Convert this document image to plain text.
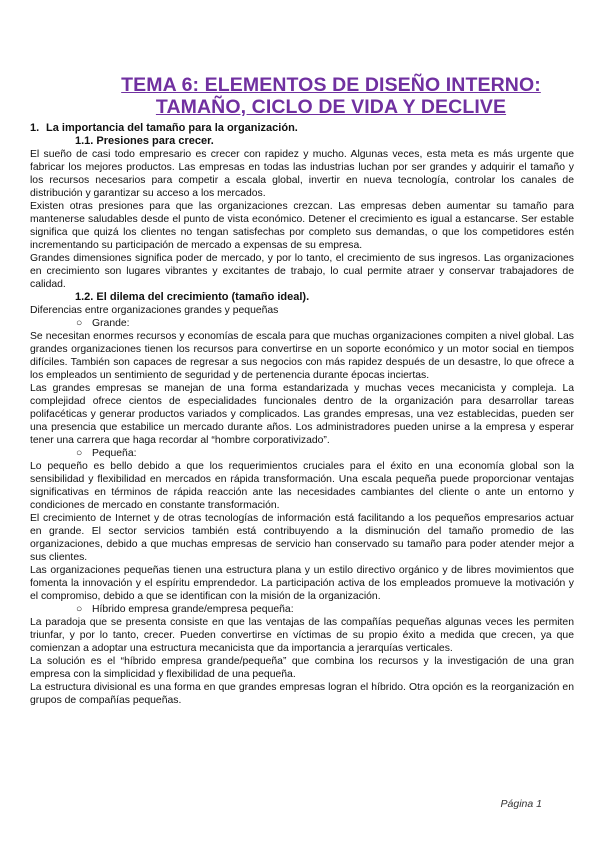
TEMA 6: ELEMENTOS DE DISEÑO INTERNO:
TAMAÑO, CICLO DE VIDA Y DECLIVE
1. La importancia del tamaño para la organización.
1.1. Presiones para crecer.

El sueño de casi todo empresario es crecer con rapidez y mucho. Algunas veces, esta meta es más urgente que fabricar los mejores productos. Las empresas en todas las industrias luchan por ser grandes y adquirir el tamaño y los recursos necesarios para competir a escala global, invertir en nueva tecnología, controlar los canales de distribución y garantizar su acceso a los mercados.

Existen otras presiones para que las organizaciones crezcan. Las empresas deben aumentar su tamaño para mantenerse saludables desde el punto de vista económico. Detener el crecimiento es igual a estancarse. Ser estable significa que quizá los clientes no tengan satisfechas por completo sus demandas, o que los competidores estén incrementando su participación de mercado a expensas de su empresa.

Grandes dimensiones significa poder de mercado, y por lo tanto, el crecimiento de sus ingresos. Las organizaciones en crecimiento son lugares vibrantes y excitantes de trabajo, lo cual permite atraer y conservar trabajadores de calidad.

1.2. El dilema del crecimiento (tamaño ideal).

Diferencias entre organizaciones grandes y pequeñas

○ Grande:

Se necesitan enormes recursos y economías de escala para que muchas organizaciones compiten a nivel global. Las grandes organizaciones tienen los recursos para convertirse en un soporte económico y un motor social en tiempos difíciles. También son capaces de regresar a sus negocios con más rapidez después de un desastre, lo que ofrece a los empleados un sentimiento de seguridad y de pertenencia durante épocas inciertas.

Las grandes empresas se manejan de una forma estandarizada y muchas veces mecanicista y compleja. La complejidad ofrece cientos de especialidades funcionales dentro de la organización para desarrollar tareas polifacéticas y generar productos variados y complicados. Las grandes empresas, una vez establecidas, pueden ser una presencia que estabilice un mercado durante años. Los administradores pueden unirse a la empresa y esperar tener una carrera que haga recordar al “hombre corporativizado”.

○ Pequeña:

Lo pequeño es bello debido a que los requerimientos cruciales para el éxito en una economía global son la sensibilidad y flexibilidad en mercados en rápida transformación. Una escala pequeña puede proporcionar ventajas significativas en términos de rápida reacción ante las necesidades cambiantes del cliente o ante un entorno y condiciones de mercado en constante transformación.

El crecimiento de Internet y de otras tecnologías de información está facilitando a los pequeños empresarios actuar en grande. El sector servicios también está contribuyendo a la disminución del tamaño promedio de las organizaciones, debido a que muchas empresas de servicio han conservado su tamaño para poder atender mejor a sus clientes.

Las organizaciones pequeñas tienen una estructura plana y un estilo directivo orgánico y de libres movimientos que fomenta la innovación y el espíritu emprendedor. La participación activa de los empleados promueve la motivación y el compromiso, debido a que se identifican con la misión de la organización.

○ Híbrido empresa grande/empresa pequeña:

La paradoja que se presenta consiste en que las ventajas de las compañías pequeñas algunas veces les permiten triunfar, y por lo tanto, crecer. Pueden convertirse en víctimas de su propio éxito a medida que crecen, ya que comienzan a adoptar una estructura mecanicista que da importancia a jerarquías verticales.

La solución es el “híbrido empresa grande/pequeña” que combina los recursos y la investigación de una gran empresa con la simplicidad y flexibilidad de una pequeña.

La estructura divisional es una forma en que grandes empresas logran el híbrido. Otra opción es la reorganización en grupos de compañías pequeñas.

Página 1
